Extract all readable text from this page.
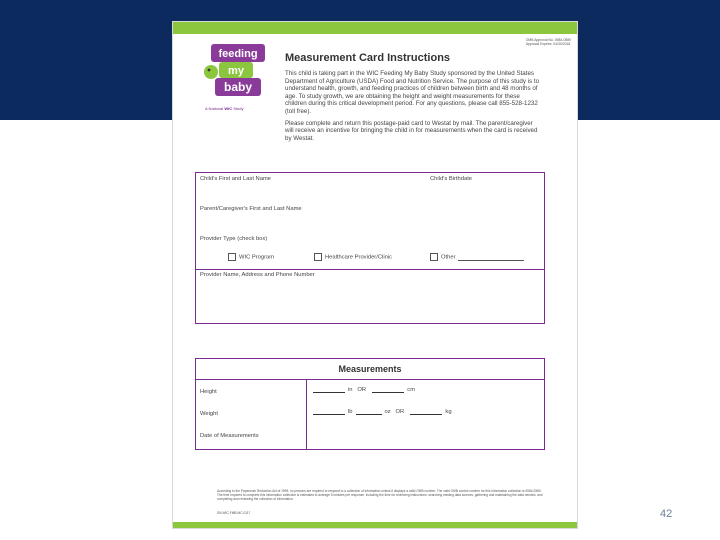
OMB Approval No. 0584-0580
Approval Expires: 04/30/2018
feeding
my
baby
A National WIC Study
Measurement Card Instructions

This child is taking part in the WIC Feeding My Baby Study sponsored by the United States Department of Agriculture (USDA) Food and Nutrition Service. The purpose of this study is to understand health, growth, and feeding practices of children between birth and 48 months of age. To study growth, we are obtaining the height and weight measurements for these children during this critical development period. For any questions, please call 855-528-1232 (toll free).

Please complete and return this postage-paid card to Westat by mail. The parent/caregiver will receive an incentive for bringing the child in for measurements when the card is received by Westat.

Child's First and Last Name	Child's Birthdate
Parent/Caregiver's First and Last Name
Provider Type (check box)
WIC Program	Healthcare Provider/Clinic	Other
Provider Name, Address and Phone Number
Measurements
Height	in OR	cm
Weight	lb	oz OR	kg
Date of Measurements
According to the Paperwork Reduction Act of 1995, no persons are required to respond to a collection of information unless it displays a valid OMB number. The valid OMB control number for this information collection is 0584-0580. The time required to complete this information collection is estimated to average 5 minutes per response, including the time for reviewing instructions, searching existing data sources, gathering and maintaining the data needed, and completing and reviewing the collection of information.
SN-WIC-FMB-MC-0117	42
